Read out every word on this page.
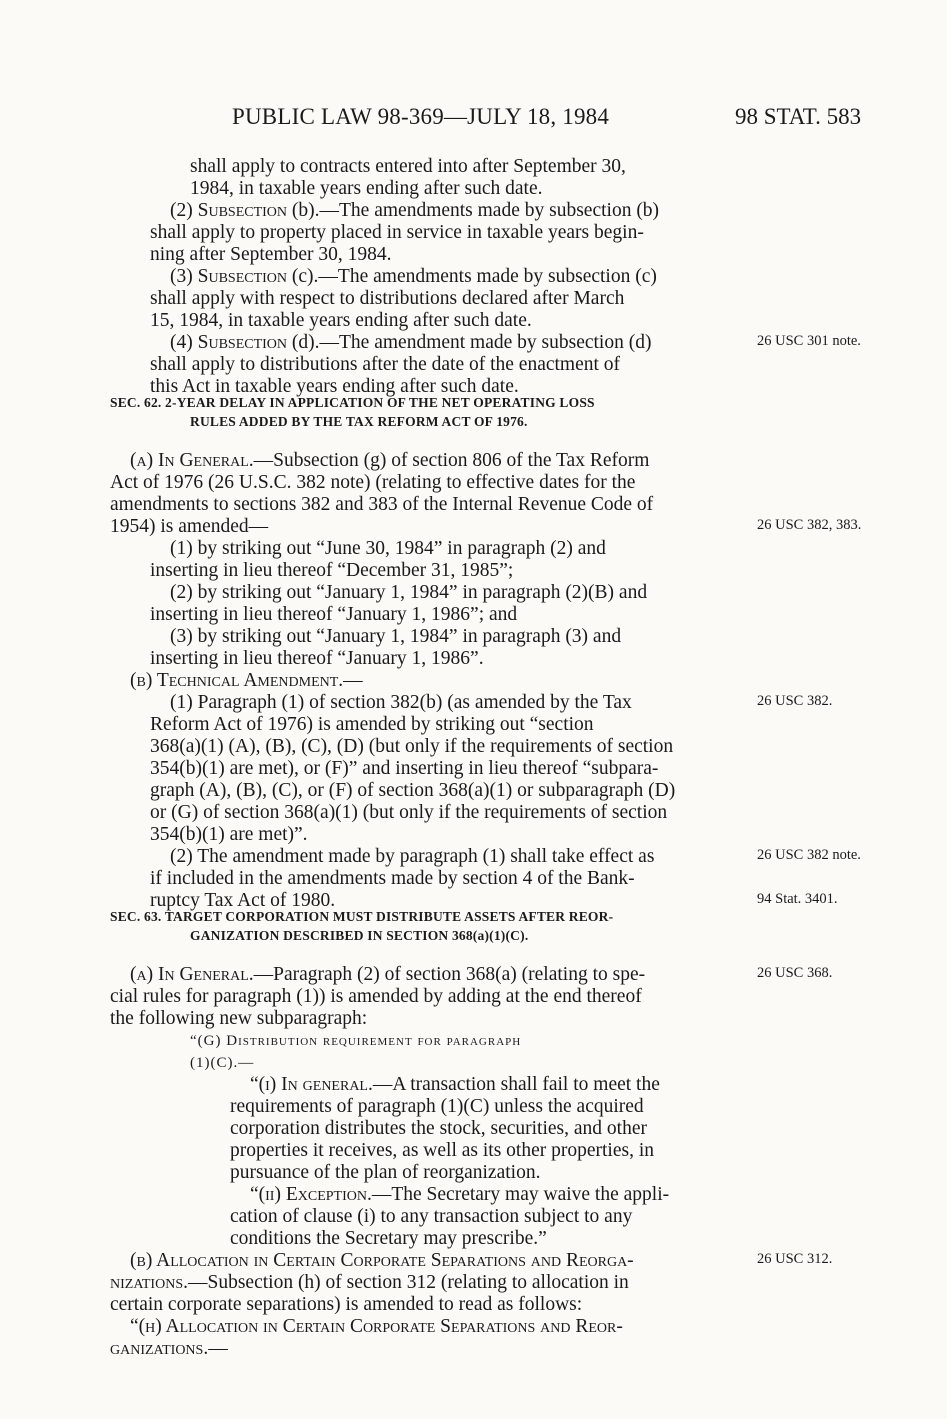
PUBLIC LAW 98-369—JULY 18, 1984	98 STAT. 583
shall apply to contracts entered into after September 30,
1984, in taxable years ending after such date.
(2) Subsection (b).—The amendments made by subsection (b)
shall apply to property placed in service in taxable years begin-
ning after September 30, 1984.
(3) Subsection (c).—The amendments made by subsection (c)
shall apply with respect to distributions declared after March
15, 1984, in taxable years ending after such date.
(4) Subsection (d).—The amendment made by subsection (d)
shall apply to distributions after the date of the enactment of
this Act in taxable years ending after such date.
(a) In General.—Subsection (g) of section 806 of the Tax Reform
Act of 1976 (26 U.S.C. 382 note) (relating to effective dates for the
amendments to sections 382 and 383 of the Internal Revenue Code of
1954) is amended—
(1) by striking out “June 30, 1984” in paragraph (2) and
inserting in lieu thereof “December 31, 1985”;
(2) by striking out “January 1, 1984” in paragraph (2)(B) and
inserting in lieu thereof “January 1, 1986”; and
(3) by striking out “January 1, 1984” in paragraph (3) and
inserting in lieu thereof “January 1, 1986”.
(b) Technical Amendment.—
(1) Paragraph (1) of section 382(b) (as amended by the Tax
Reform Act of 1976) is amended by striking out “section
368(a)(1) (A), (B), (C), (D) (but only if the requirements of section
354(b)(1) are met), or (F)” and inserting in lieu thereof “subpara-
graph (A), (B), (C), or (F) of section 368(a)(1) or subparagraph (D)
or (G) of section 368(a)(1) (but only if the requirements of section
354(b)(1) are met)”.
(2) The amendment made by paragraph (1) shall take effect as
if included in the amendments made by section 4 of the Bank-
ruptcy Tax Act of 1980.
(a) In General.—Paragraph (2) of section 368(a) (relating to spe-
cial rules for paragraph (1)) is amended by adding at the end thereof
the following new subparagraph:
“(G) Distribution requirement for paragraph
(1)(C).—
“(i) In general.—A transaction shall fail to meet the
requirements of paragraph (1)(C) unless the acquired
corporation distributes the stock, securities, and other
properties it receives, as well as its other properties, in
pursuance of the plan of reorganization.
“(ii) Exception.—The Secretary may waive the appli-
cation of clause (i) to any transaction subject to any
conditions the Secretary may prescribe.”
(b) Allocation in Certain Corporate Separations and Reorga-
nizations.—Subsection (h) of section 312 (relating to allocation in
certain corporate separations) is amended to read as follows:
“(h) Allocation in Certain Corporate Separations and Reor-
ganizations.—
SEC. 62. 2-YEAR DELAY IN APPLICATION OF THE NET OPERATING LOSS
RULES ADDED BY THE TAX REFORM ACT OF 1976.
SEC. 63. TARGET CORPORATION MUST DISTRIBUTE ASSETS AFTER REOR-
GANIZATION DESCRIBED IN SECTION 368(a)(1)(C).
26 USC 301 note.
26 USC 382, 383.
26 USC 382.
26 USC 382 note.
94 Stat. 3401.
26 USC 368.
26 USC 312.
